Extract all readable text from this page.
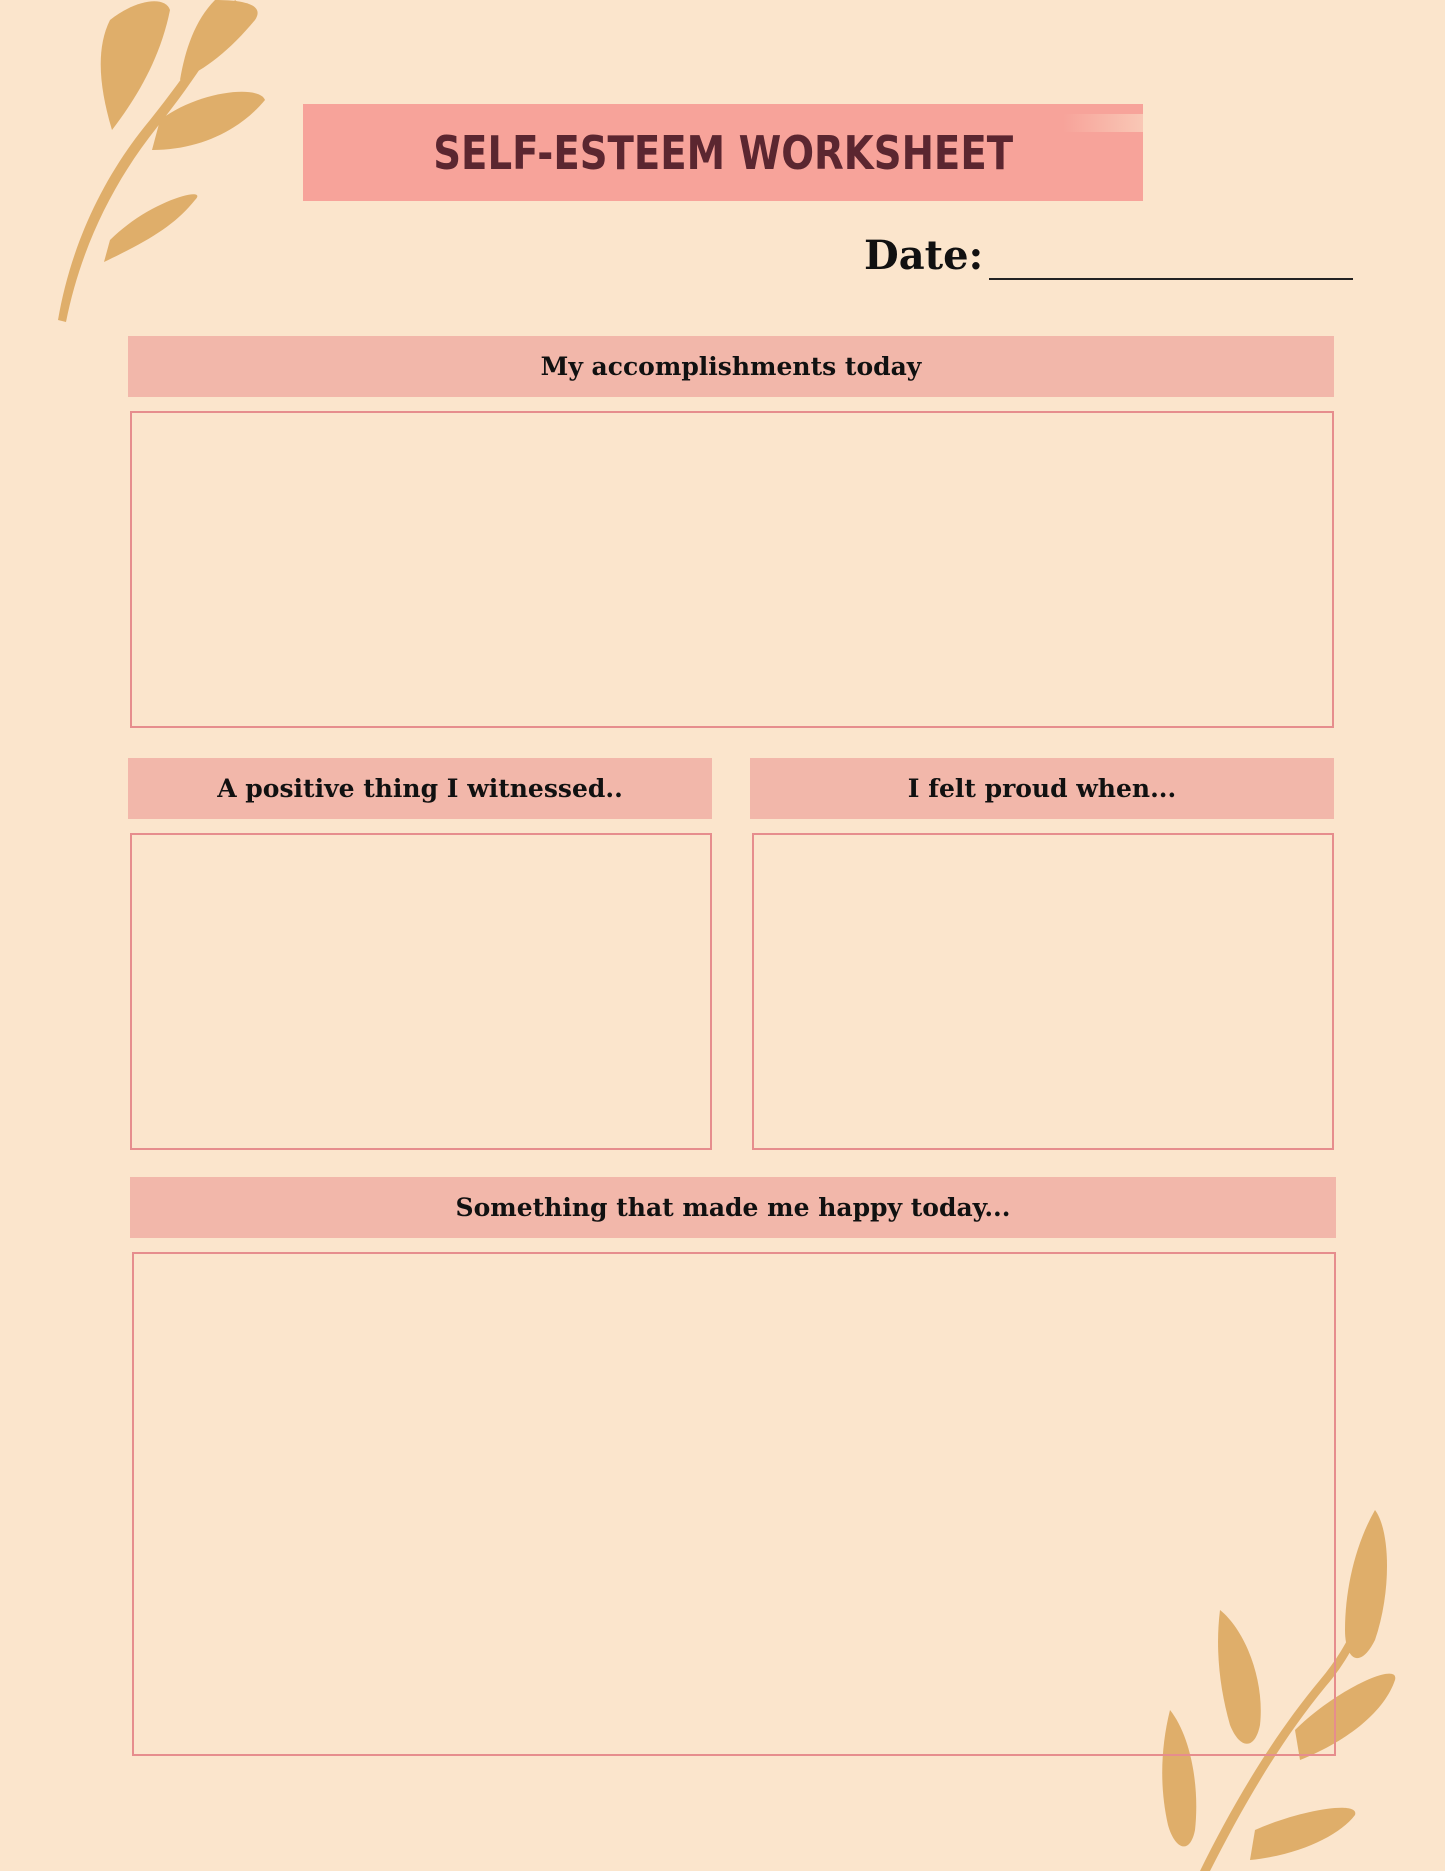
SELF-ESTEEM WORKSHEET
Date:
My accomplishments today
A positive thing I witnessed..	I felt proud when...
Something that made me happy today...
